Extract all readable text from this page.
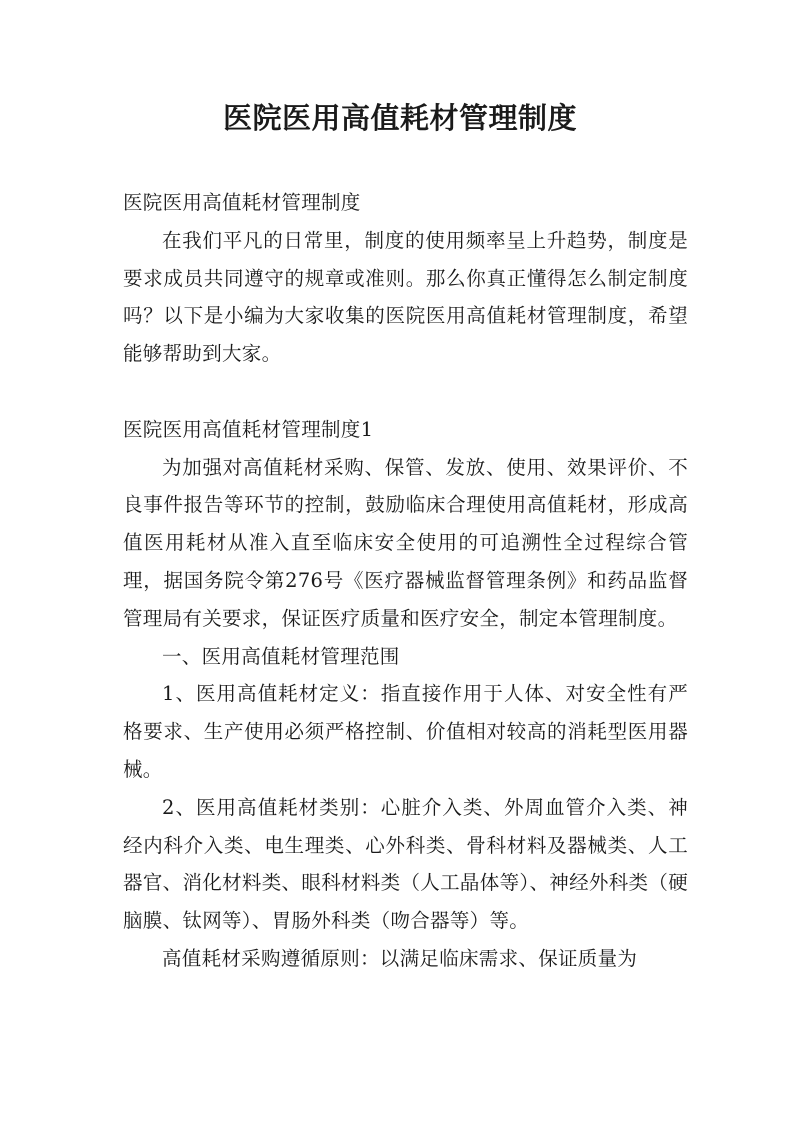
医院医用高值耗材管理制度

医院医用高值耗材管理制度

在我们平凡的日常里，制度的使用频率呈上升趋势，制度是要求成员共同遵守的规章或准则。那么你真正懂得怎么制定制度吗？以下是小编为大家收集的医院医用高值耗材管理制度，希望能够帮助到大家。

医院医用高值耗材管理制度1

为加强对高值耗材采购、保管、发放、使用、效果评价、不良事件报告等环节的控制，鼓励临床合理使用高值耗材，形成高值医用耗材从准入直至临床安全使用的可追溯性全过程综合管理，据国务院令第276号《医疗器械监督管理条例》和药品监督管理局有关要求，保证医疗质量和医疗安全，制定本管理制度。

一、医用高值耗材管理范围

1、医用高值耗材定义：指直接作用于人体、对安全性有严格要求、生产使用必须严格控制、价值相对较高的消耗型医用器械。

2、医用高值耗材类别：心脏介入类、外周血管介入类、神经内科介入类、电生理类、心外科类、骨科材料及器械类、人工器官、消化材料类、眼科材料类（人工晶体等）、神经外科类（硬脑膜、钛网等）、胃肠外科类（吻合器等）等。

高值耗材采购遵循原则：以满足临床需求、保证质量为
